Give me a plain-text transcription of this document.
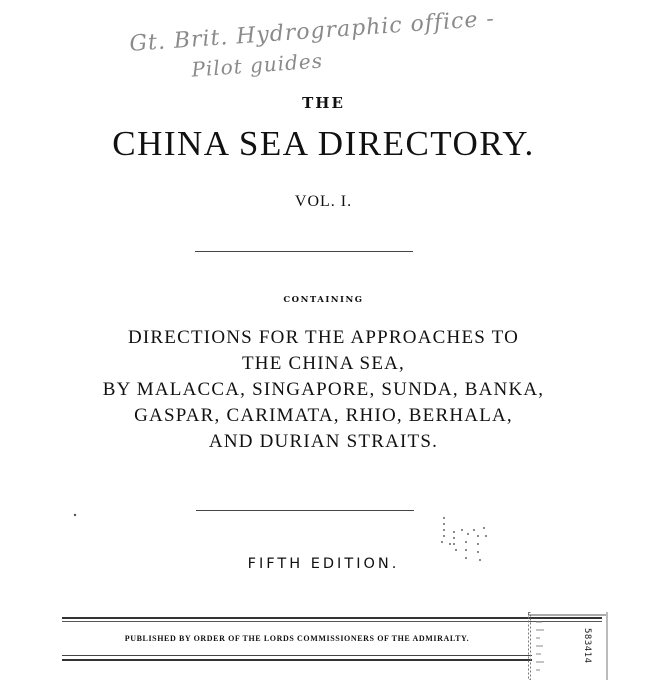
Gt. Brit. Hydrographic office -
Pilot guides
THE
CHINA SEA DIRECTORY.
VOL. I.
CONTAINING
DIRECTIONS FOR THE APPROACHES TO
THE CHINA SEA,
BY MALACCA, SINGAPORE, SUNDA, BANKA,
GASPAR, CARIMATA, RHIO, BERHALA,
AND DURIAN STRAITS.
FIFTH EDITION.
PUBLISHED BY ORDER OF THE LORDS COMMISSIONERS OF THE ADMIRALTY.	583414
